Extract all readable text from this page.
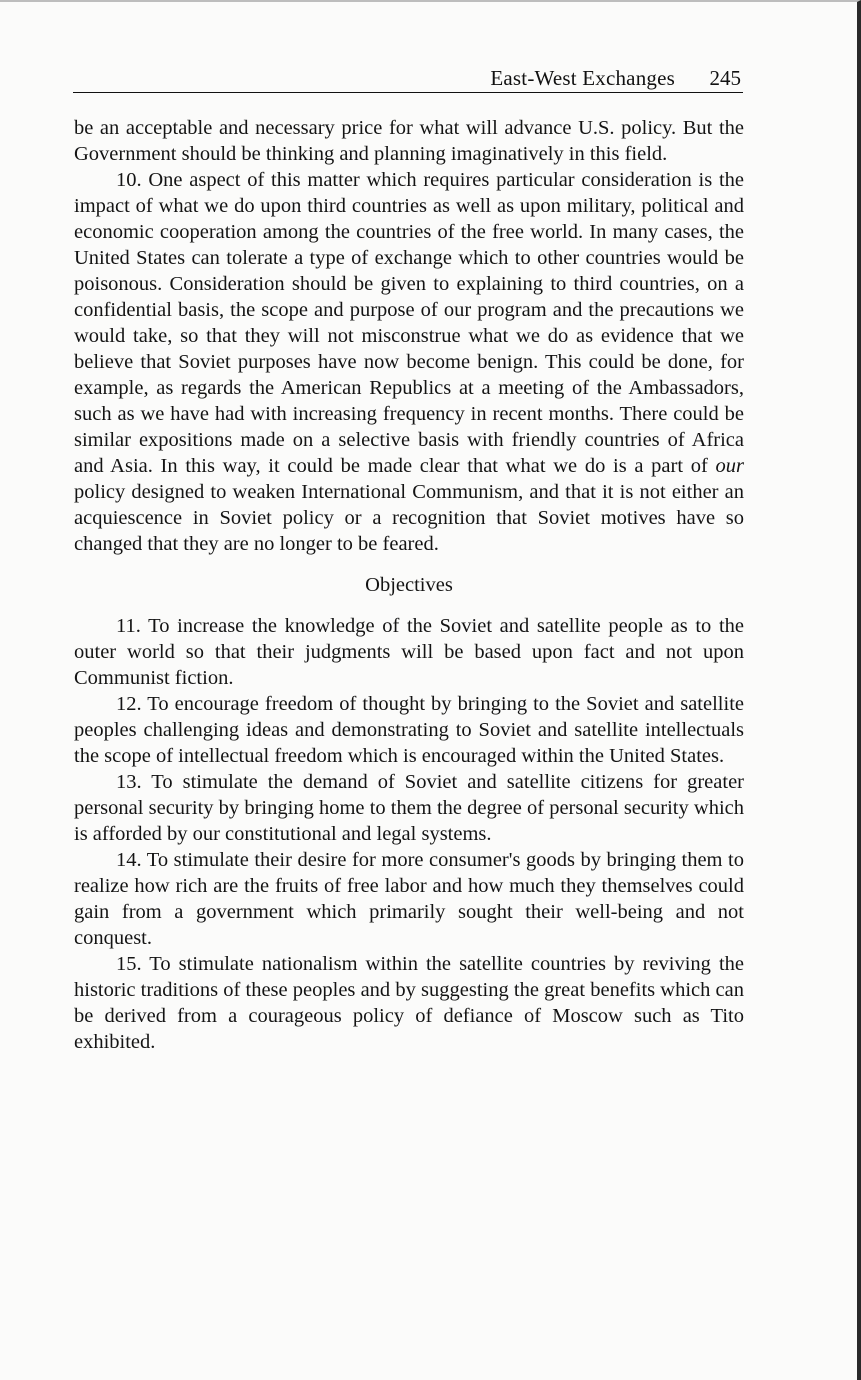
East-West Exchanges 245

be an acceptable and necessary price for what will advance U.S. policy. But the Government should be thinking and planning imaginatively in this field.

10. One aspect of this matter which requires particular consideration is the impact of what we do upon third countries as well as upon military, political and economic cooperation among the countries of the free world. In many cases, the United States can tolerate a type of exchange which to other countries would be poisonous. Consideration should be given to explaining to third countries, on a confidential basis, the scope and purpose of our program and the precautions we would take, so that they will not misconstrue what we do as evidence that we believe that Soviet purposes have now become benign. This could be done, for example, as regards the American Republics at a meeting of the Ambassadors, such as we have had with increasing frequency in recent months. There could be similar expositions made on a selective basis with friendly countries of Africa and Asia. In this way, it could be made clear that what we do is a part of our policy designed to weaken International Communism, and that it is not either an acquiescence in Soviet policy or a recognition that Soviet motives have so changed that they are no longer to be feared.

Objectives

11. To increase the knowledge of the Soviet and satellite people as to the outer world so that their judgments will be based upon fact and not upon Communist fiction.

12. To encourage freedom of thought by bringing to the Soviet and satellite peoples challenging ideas and demonstrating to Soviet and satellite intellectuals the scope of intellectual freedom which is encouraged within the United States.

13. To stimulate the demand of Soviet and satellite citizens for greater personal security by bringing home to them the degree of personal security which is afforded by our constitutional and legal systems.

14. To stimulate their desire for more consumer's goods by bringing them to realize how rich are the fruits of free labor and how much they themselves could gain from a government which primarily sought their well-being and not conquest.

15. To stimulate nationalism within the satellite countries by reviving the historic traditions of these peoples and by suggesting the great benefits which can be derived from a courageous policy of defiance of Moscow such as Tito exhibited.
